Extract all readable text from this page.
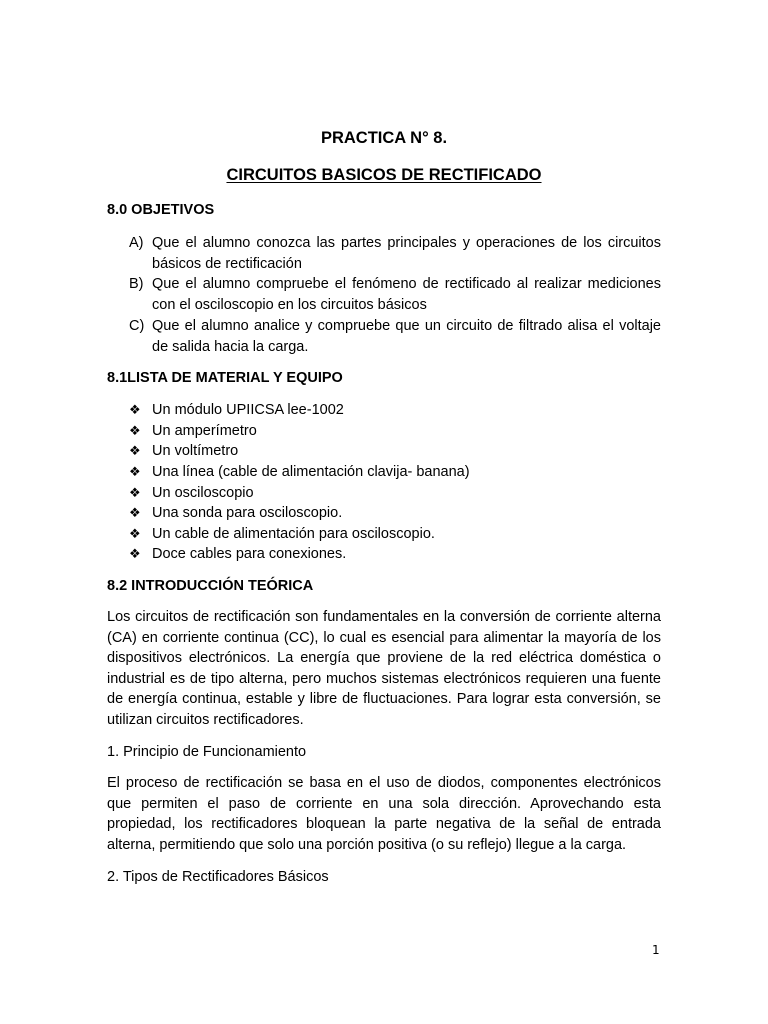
PRACTICA N° 8.
CIRCUITOS BASICOS DE RECTIFICADO
8.0 OBJETIVOS
A) Que el alumno conozca las partes principales y operaciones de los circuitos básicos de rectificación
B) Que el alumno compruebe el fenómeno de rectificado al realizar mediciones con el osciloscopio en los circuitos básicos
C) Que el alumno analice y compruebe que un circuito de filtrado alisa el voltaje de salida hacia la carga.
8.1LISTA DE MATERIAL Y EQUIPO
❖ Un módulo UPIICSA lee-1002
❖ Un amperímetro
❖ Un voltímetro
❖ Una línea (cable de alimentación clavija- banana)
❖ Un osciloscopio
❖ Una sonda para osciloscopio.
❖ Un cable de alimentación para osciloscopio.
❖ Doce cables para conexiones.
8.2 INTRODUCCIÓN TEÓRICA

Los circuitos de rectificación son fundamentales en la conversión de corriente alterna (CA) en corriente continua (CC), lo cual es esencial para alimentar la mayoría de los dispositivos electrónicos. La energía que proviene de la red eléctrica doméstica o industrial es de tipo alterna, pero muchos sistemas electrónicos requieren una fuente de energía continua, estable y libre de fluctuaciones. Para lograr esta conversión, se utilizan circuitos rectificadores.

1. Principio de Funcionamiento

El proceso de rectificación se basa en el uso de diodos, componentes electrónicos que permiten el paso de corriente en una sola dirección. Aprovechando esta propiedad, los rectificadores bloquean la parte negativa de la señal de entrada alterna, permitiendo que solo una porción positiva (o su reflejo) llegue a la carga.

2. Tipos de Rectificadores Básicos

1
